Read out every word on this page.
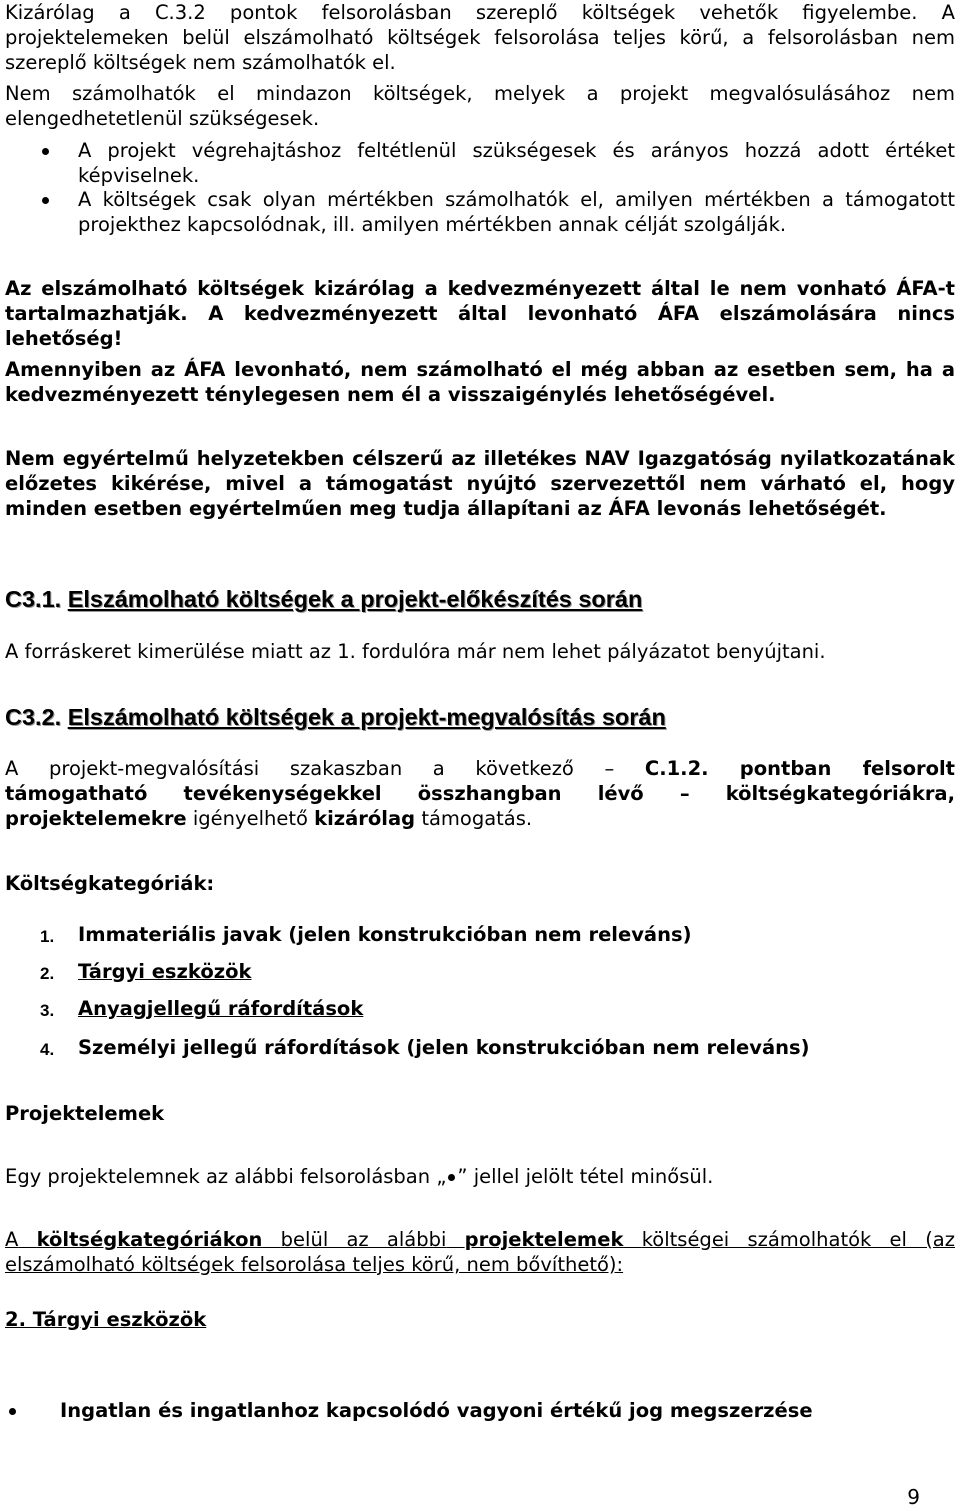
Kizárólag a C.3.2 pontok felsorolásban szereplő költségek vehetők figyelembe. A projektelemeken belül elszámolható költségek felsorolása teljes körű, a felsorolásban nem szereplő költségek nem számolhatók el.

Nem számolhatók el mindazon költségek, melyek a projekt megvalósulásához nem elengedhetetlenül szükségesek.

A projekt végrehajtáshoz feltétlenül szükségesek és arányos hozzá adott értéket képviselnek.

A költségek csak olyan mértékben számolhatók el, amilyen mértékben a támogatott projekthez kapcsolódnak, ill. amilyen mértékben annak célját szolgálják.

Az elszámolható költségek kizárólag a kedvezményezett által le nem vonható ÁFA-t tartalmazhatják. A kedvezményezett által levonható ÁFA elszámolására nincs lehetőség!

Amennyiben az ÁFA levonható, nem számolható el még abban az esetben sem, ha a kedvezményezett ténylegesen nem él a visszaigénylés lehetőségével.

Nem egyértelmű helyzetekben célszerű az illetékes NAV Igazgatóság nyilatkozatának előzetes kikérése, mivel a támogatást nyújtó szervezettől nem várható el, hogy minden esetben egyértelműen meg tudja állapítani az ÁFA levonás lehetőségét.

C3.1. Elszámolható költségek a projekt-előkészítés során

A forráskeret kimerülése miatt az 1. fordulóra már nem lehet pályázatot benyújtani.

C3.2. Elszámolható költségek a projekt-megvalósítás során

A projekt-megvalósítási szakaszban a következő – C.1.2. pontban felsorolt

támogatható tevékenységekkel összhangban lévő – költségkategóriákra,

projektelemekre igényelhető kizárólag támogatás.

Költségkategóriák:

1. Immateriális javak (jelen konstrukcióban nem releváns)
2. Tárgyi eszközök
3. Anyagjellegű ráfordítások
4. Személyi jellegű ráfordítások (jelen konstrukcióban nem releváns)

Projektelemek

Egy projektelemnek az alábbi felsorolásban „ ” jellel jelölt tétel minősül.

A költségkategóriákon belül az alábbi projektelemek költségei számolhatók el (az elszámolható költségek felsorolása teljes körű, nem bővíthető):

2. Tárgyi eszközök

Ingatlan és ingatlanhoz kapcsolódó vagyoni értékű jog megszerzése

9
